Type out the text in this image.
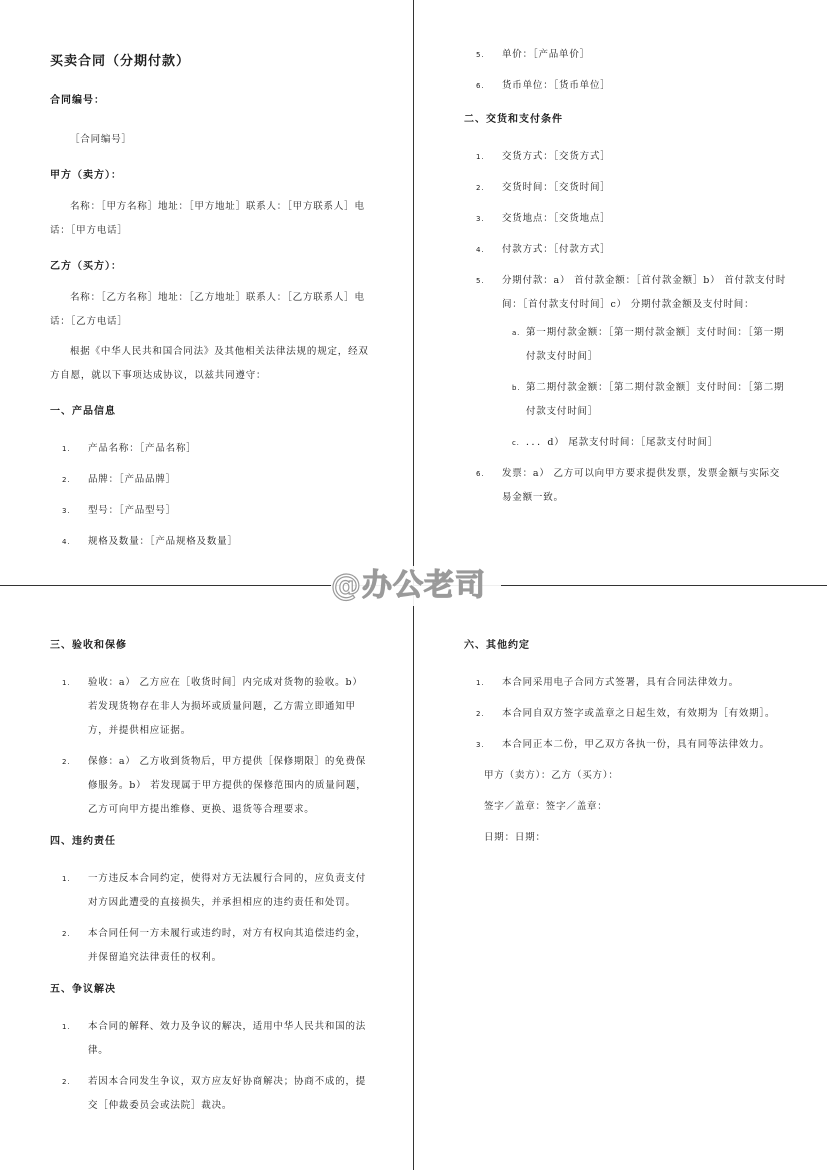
买卖合同（分期付款）
合同编号：
［合同编号］
甲方（卖方）：
名称：［甲方名称］地址：［甲方地址］联系人：［甲方联系人］电话：［甲方电话］
乙方（买方）：
名称：［乙方名称］地址：［乙方地址］联系人：［乙方联系人］电话：［乙方电话］
根据《中华人民共和国合同法》及其他相关法律法规的规定，经双方自愿，就以下事项达成协议，以兹共同遵守：
一、产品信息
1. 产品名称：［产品名称］
2. 品牌：［产品品牌］
3. 型号：［产品型号］
4. 规格及数量：［产品规格及数量］
5. 单价：［产品单价］
6. 货币单位：［货币单位］
二、交货和支付条件
1. 交货方式：［交货方式］
2. 交货时间：［交货时间］
3. 交货地点：［交货地点］
4. 付款方式：［付款方式］
5. 分期付款：a） 首付款金额：［首付款金额］b） 首付款支付时间：［首付款支付时间］c） 分期付款金额及支付时间：
a. 第一期付款金额：［第一期付款金额］支付时间：［第一期付款支付时间］
b. 第二期付款金额：［第二期付款金额］支付时间：［第二期付款支付时间］
c. ．．．d） 尾款支付时间：［尾款支付时间］
6. 发票：a） 乙方可以向甲方要求提供发票，发票金额与实际交易金额一致。
三、验收和保修
1. 验收：a） 乙方应在［收货时间］内完成对货物的验收。b） 若发现货物存在非人为损坏或质量问题，乙方需立即通知甲方，并提供相应证据。
2. 保修：a） 乙方收到货物后，甲方提供［保修期限］的免费保修服务。b） 若发现属于甲方提供的保修范围内的质量问题，乙方可向甲方提出维修、更换、退货等合理要求。
四、违约责任
1. 一方违反本合同约定，使得对方无法履行合同的，应负责支付对方因此遭受的直接损失，并承担相应的违约责任和处罚。
2. 本合同任何一方未履行或违约时，对方有权向其追偿违约金，并保留追究法律责任的权利。
五、争议解决
1. 本合同的解释、效力及争议的解决，适用中华人民共和国的法律。
2. 若因本合同发生争议，双方应友好协商解决；协商不成的，提交［仲裁委员会或法院］裁决。
六、其他约定
1. 本合同采用电子合同方式签署，具有合同法律效力。
2. 本合同自双方签字或盖章之日起生效，有效期为［有效期］。
3. 本合同正本二份，甲乙双方各执一份，具有同等法律效力。
甲方（卖方）：乙方（买方）：
签字／盖章：签字／盖章：
日期：日期：
@办公老司
